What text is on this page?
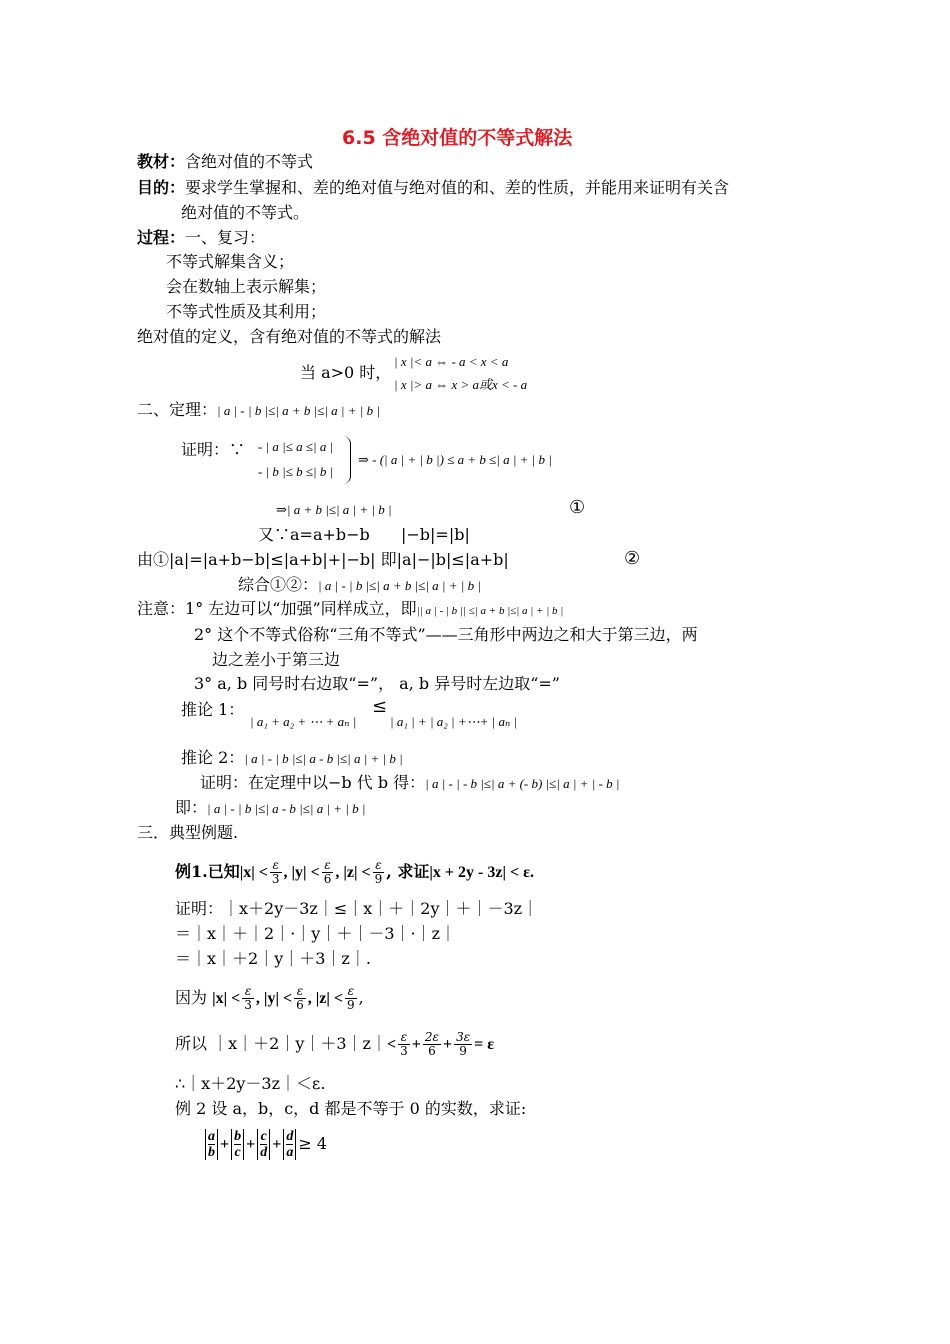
6.5 含绝对值的不等式解法
教材：含绝对值的不等式
目的：要求学生掌握和、差的绝对值与绝对值的和、差的性质，并能用来证明有关含
绝对值的不等式。
过程：一、复习：
不等式解集含义；
会在数轴上表示解集；
不等式性质及其利用；
绝对值的定义，含有绝对值的不等式的解法
当 a>0 时，
| x |< a ⇔ - a < x < a
| x |> a ⇔ x > a或x < - a
二、定理：| a | - | b |≤| a + b |≤| a | + | b |
证明：∵ - | a |≤ a ≤| a |
- | b |≤ b ≤| b |
⇒ - (| a | + | b |) ≤ a + b ≤| a | + | b |
⇒| a + b |≤| a | + | b |	①
又∵a=a+b−b |−b|=|b|
由①|a|=|a+b−b|≤|a+b|+|−b| 即|a|−|b|≤|a+b|	②
综合①②：| a | - | b |≤| a + b |≤| a | + | b |
注意：1° 左边可以“加强”同样成立，即|| a | - | b || ≤| a + b |≤| a | + | b |
2° 这个不等式俗称“三角不等式”——三角形中两边之和大于第三边，两
边之差小于第三边
3° a, b 同号时右边取“=”， a, b 异号时左边取“=”
推论 1：
| a₁ + a₂ + ⋯ + aₙ |
≤
| a₁ | + | a₂ | +⋯+ | aₙ |
推论 2：| a | - | b |≤| a - b |≤| a | + | b |
证明：在定理中以−b 代 b 得：| a | - | - b |≤| a + (- b) |≤| a | + | - b |
即：| a | - | b |≤| a - b |≤| a | + | b |
三．典型例题.
例1.已知$|x| < \frac{\varepsilon}{3}$ , $|y| < \frac{\varepsilon}{6}$ , $|z| < \frac{\varepsilon}{9}$ , 求证|x + 2y - 3z| < ε.
证明：｜x＋2y－3z｜≤｜x｜＋｜2y｜＋｜－3z｜
＝｜x｜＋｜2｜·｜y｜＋｜－3｜·｜z｜
＝｜x｜＋2｜y｜＋3｜z｜.
因为 $|x| < \frac{\varepsilon}{3}$ , $|y| < \frac{\varepsilon}{6}$ , $|z| < \frac{\varepsilon}{9}$ ,
所以 ｜x｜＋2｜y｜＋3｜z｜< $\frac{\varepsilon}{3} + \frac{2\varepsilon}{6} + \frac{3\varepsilon}{9} = \varepsilon$
∴｜x＋2y－3z｜＜ε.
例 2 设 a，b，c，d 都是不等于 0 的实数，求证:
$\frac{a}{b} + \frac{b}{c} + \frac{c}{d} + \frac{d}{a} \ge 4$
